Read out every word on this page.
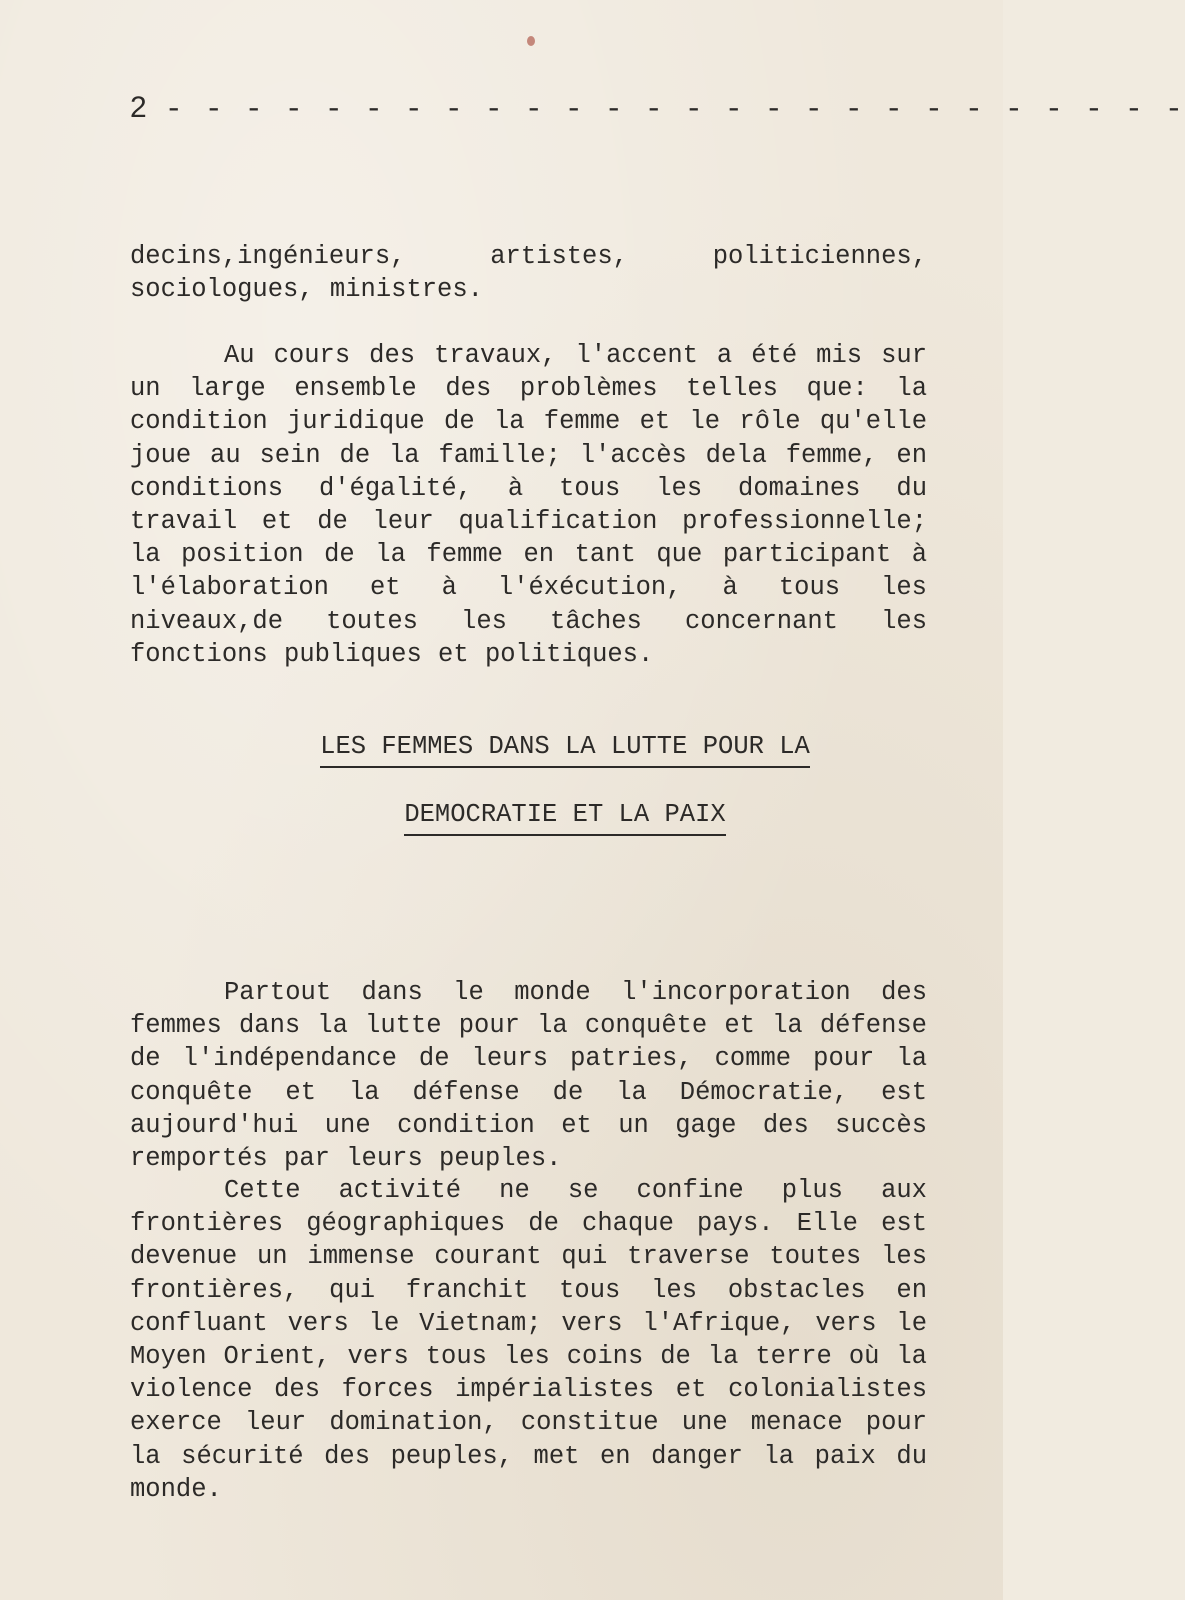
2 - - - - - - - - - - - - - - - - - - - - - - - - - -

decins,ingénieurs, artistes, politiciennes, sociologues, ministres.

Au cours des travaux, l'accent a été mis sur un large ensemble des problèmes telles que: la condition juridique de la femme et le rôle qu'elle joue au sein de la famille; l'accès dela femme, en conditions d'égalité, à tous les domaines du travail et de leur qualification professionnelle; la position de la femme en tant que participant à l'élaboration et à l'éxécution, à tous les niveaux,de toutes les tâches concernant les fonctions publiques et politiques.

LES FEMMES DANS LA LUTTE POUR LA
DEMOCRATIE ET LA PAIX

Partout dans le monde l'incorporation des femmes dans la lutte pour la conquête et la défense de l'indépendance de leurs patries, comme pour la conquête et la défense de la Démocratie, est aujourd'hui une condition et un gage des succès remportés par leurs peuples.

Cette activité ne se confine plus aux frontières géographiques de chaque pays. Elle est devenue un immense courant qui traverse toutes les frontières, qui franchit tous les obstacles en confluant vers le Vietnam; vers l'Afrique, vers le Moyen Orient, vers tous les coins de la terre où la violence des forces impérialistes et colonialistes exerce leur domination, constitue une menace pour la sécurité des peuples, met en danger la paix du monde.
